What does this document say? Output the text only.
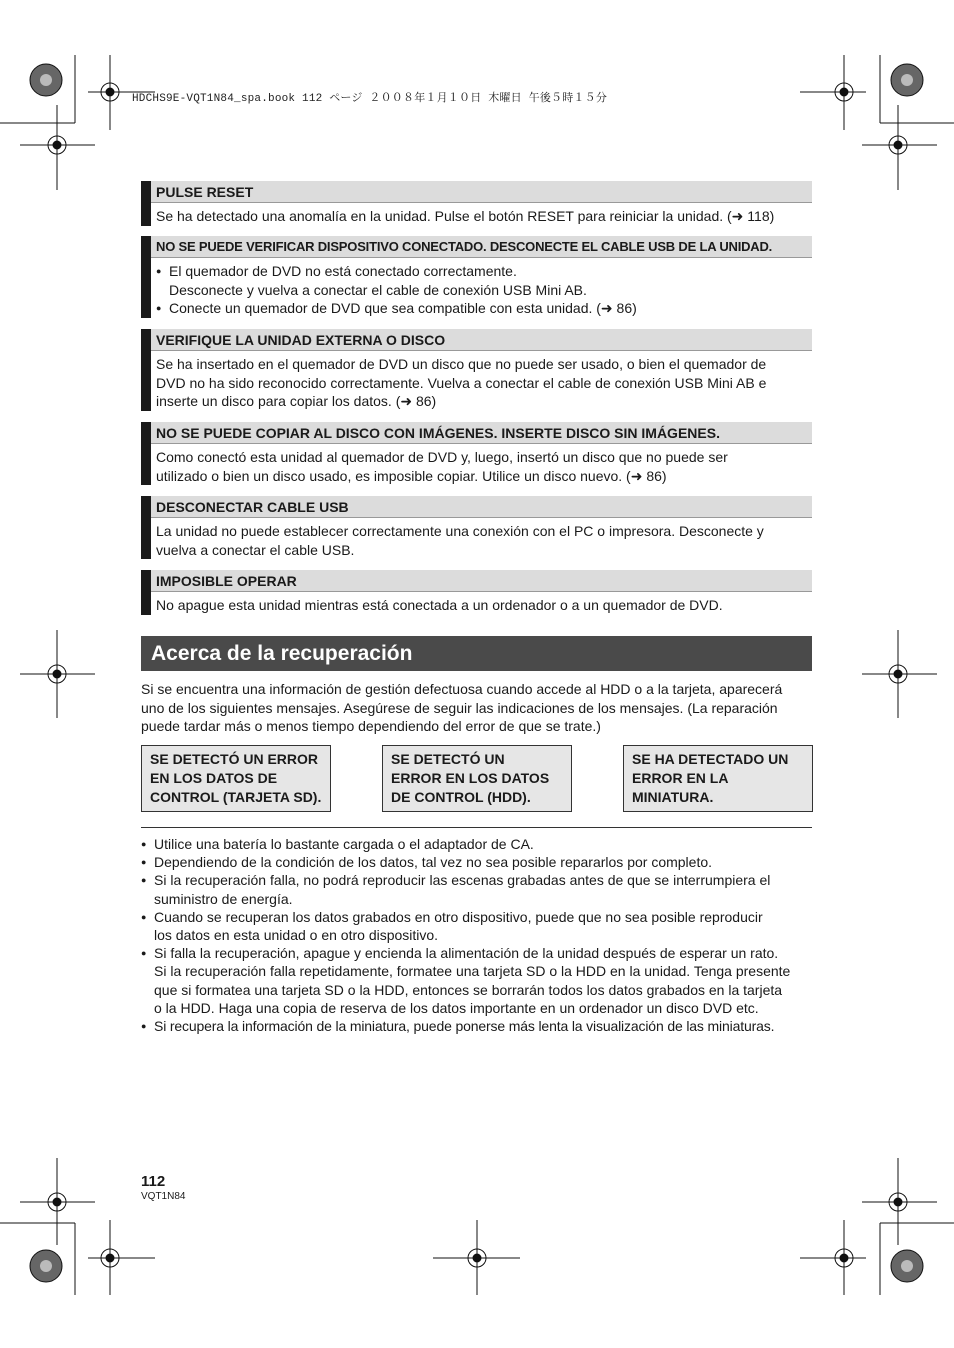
HDCHS9E-VQT1N84_spa.book 112 ページ ２００８年１月１０日 木曜日 午後５時１５分
PULSE RESET

Se ha detectado una anomalía en la unidad. Pulse el botón RESET para reiniciar la unidad. (➜ 118)

NO SE PUEDE VERIFICAR DISPOSITIVO CONECTADO. DESCONECTE EL CABLE USB DE LA UNIDAD.

● El quemador de DVD no está conectado correctamente.

Desconecte y vuelva a conectar el cable de conexión USB Mini AB.

● Conecte un quemador de DVD que sea compatible con esta unidad. (➜ 86)

VERIFIQUE LA UNIDAD EXTERNA O DISCO

Se ha insertado en el quemador de DVD un disco que no puede ser usado, o bien el quemador de

DVD no ha sido reconocido correctamente. Vuelva a conectar el cable de conexión USB Mini AB e

inserte un disco para copiar los datos. (➜ 86)

NO SE PUEDE COPIAR AL DISCO CON IMÁGENES. INSERTE DISCO SIN IMÁGENES.

Como conectó esta unidad al quemador de DVD y, luego, insertó un disco que no puede ser

utilizado o bien un disco usado, es imposible copiar. Utilice un disco nuevo. (➜ 86)

DESCONECTAR CABLE USB

La unidad no puede establecer correctamente una conexión con el PC o impresora. Desconecte y

vuelva a conectar el cable USB.

IMPOSIBLE OPERAR

No apague esta unidad mientras está conectada a un ordenador o a un quemador de DVD.

Acerca de la recuperación
Si se encuentra una información de gestión defectuosa cuando accede al HDD o a la tarjeta, aparecerá
uno de los siguientes mensajes. Asegúrese de seguir las indicaciones de los mensajes. (La reparación
puede tardar más o menos tiempo dependiendo del error de que se trate.)
SE DETECTÓ UN ERROR
EN LOS DATOS DE
CONTROL (TARJETA SD).
SE DETECTÓ UN
ERROR EN LOS DATOS
DE CONTROL (HDD).
SE HA DETECTADO UN
ERROR EN LA
MINIATURA.
● Utilice una batería lo bastante cargada o el adaptador de CA.
● Dependiendo de la condición de los datos, tal vez no sea posible repararlos por completo.
● Si la recuperación falla, no podrá reproducir las escenas grabadas antes de que se interrumpiera el
suministro de energía.
● Cuando se recuperan los datos grabados en otro dispositivo, puede que no sea posible reproducir
los datos en esta unidad o en otro dispositivo.
● Si falla la recuperación, apague y encienda la alimentación de la unidad después de esperar un rato.
Si la recuperación falla repetidamente, formatee una tarjeta SD o la HDD en la unidad. Tenga presente
que si formatea una tarjeta SD o la HDD, entonces se borrarán todos los datos grabados en la tarjeta
o la HDD. Haga una copia de reserva de los datos importante en un ordenador un disco DVD etc.
● Si recupera la información de la miniatura, puede ponerse más lenta la visualización de las miniaturas.
112
VQT1N84
